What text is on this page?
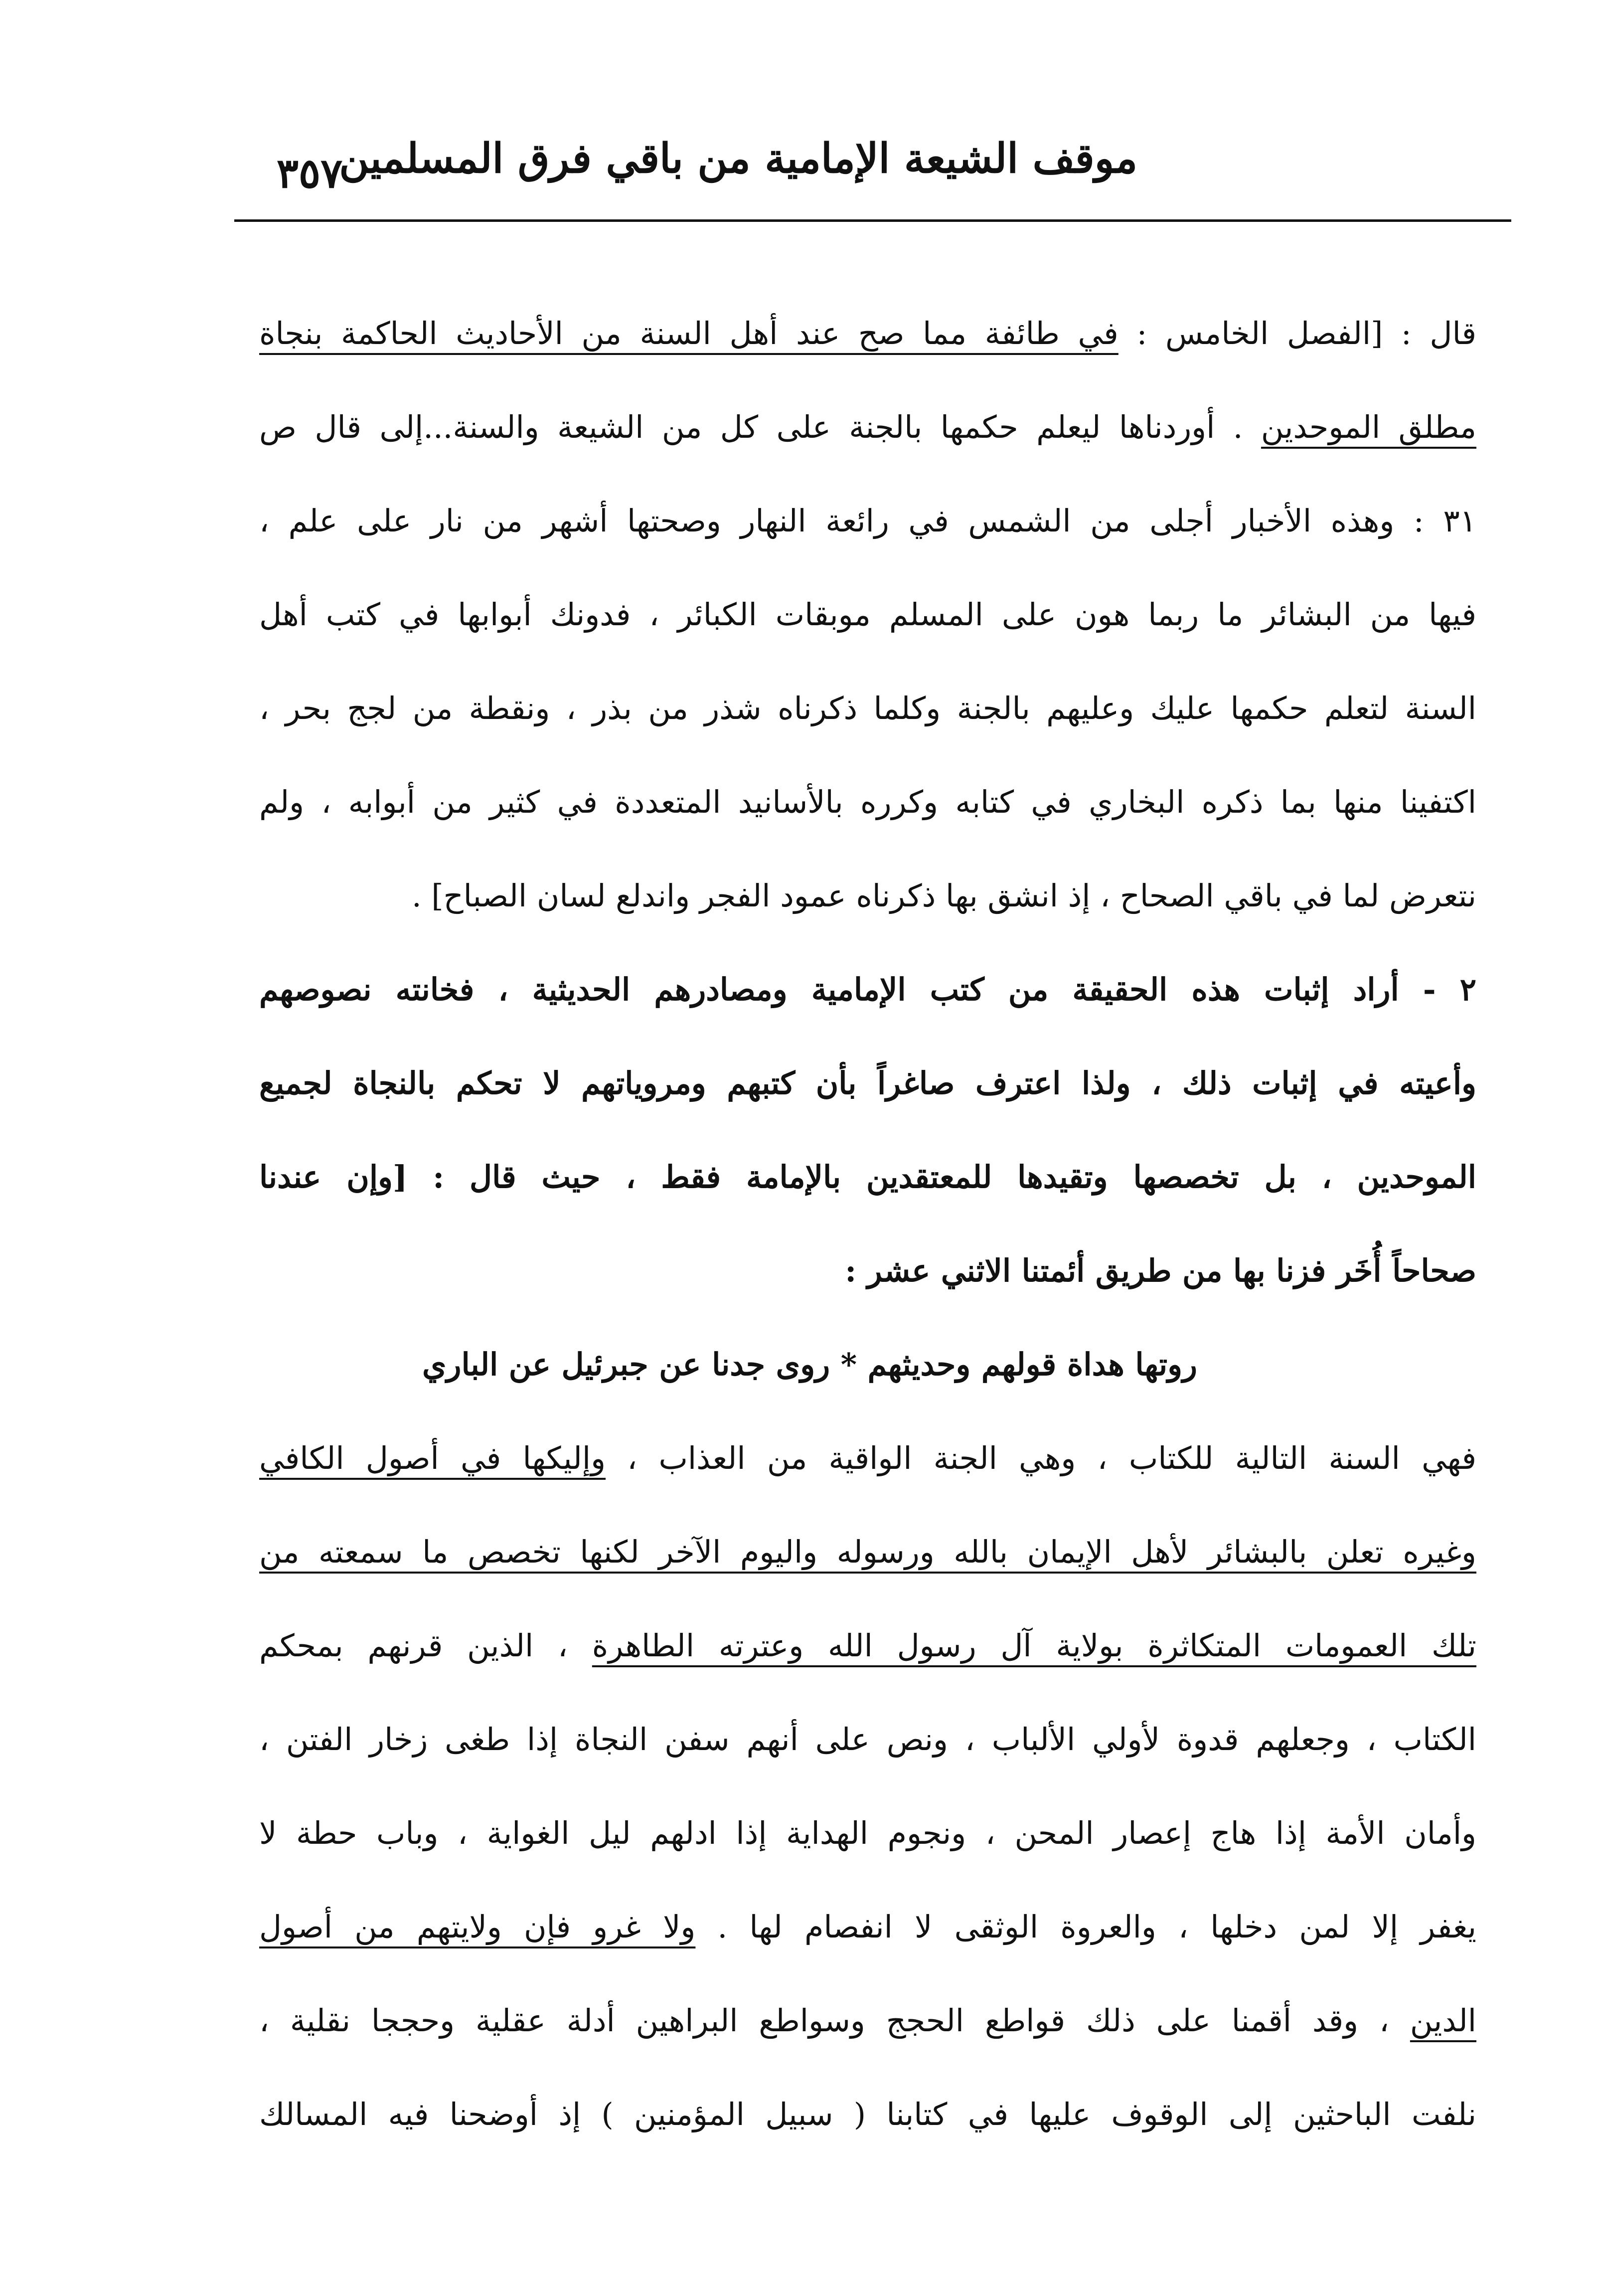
موقف الشيعة الإمامية من باقي فرق المسلمين
٣٥٧
قال : [الفصل الخامس : في طائفة مما صح عند أهل السنة من الأحاديث الحاكمة بنجاة
مطلق الموحدين . أوردناها ليعلم حكمها بالجنة على كل من الشيعة والسنة...إلى قال ص
٣١ : وهذه الأخبار أجلى من الشمس في رائعة النهار وصحتها أشهر من نار على علم ،
فيها من البشائر ما ربما هون على المسلم موبقات الكبائر ، فدونك أبوابها في كتب أهل
السنة لتعلم حكمها عليك وعليهم بالجنة وكلما ذكرناه شذر من بذر ، ونقطة من لجج بحر ،
اكتفينا منها بما ذكره البخاري في كتابه وكرره بالأسانيد المتعددة في كثير من أبوابه ، ولم
نتعرض لما في باقي الصحاح ، إذ انشق بها ذكرناه عمود الفجر واندلع لسان الصباح] .
٢ - أراد إثبات هذه الحقيقة من كتب الإمامية ومصادرهم الحديثية ، فخانته نصوصهم
وأعيته في إثبات ذلك ، ولذا اعترف صاغراً بأن كتبهم ومروياتهم لا تحكم بالنجاة لجميع
الموحدين ، بل تخصصها وتقيدها للمعتقدين بالإمامة فقط ، حيث قال : [وإن عندنا
صحاحاً أُخَر فزنا بها من طريق أئمتنا الاثني عشر :
روتها هداة قولهم وحديثهم * روى جدنا عن جبرئيل عن الباري
فهي السنة التالية للكتاب ، وهي الجنة الواقية من العذاب ، وإليكها في أصول الكافي
وغيره تعلن بالبشائر لأهل الإيمان بالله ورسوله واليوم الآخر لكنها تخصص ما سمعته من
تلك العمومات المتكاثرة بولاية آل رسول الله وعترته الطاهرة ، الذين قرنهم بمحكم
الكتاب ، وجعلهم قدوة لأولي الألباب ، ونص على أنهم سفن النجاة إذا طغى زخار الفتن ،
وأمان الأمة إذا هاج إعصار المحن ، ونجوم الهداية إذا ادلهم ليل الغواية ، وباب حطة لا
يغفر إلا لمن دخلها ، والعروة الوثقى لا انفصام لها . ولا غرو فإن ولايتهم من أصول
الدين ، وقد أقمنا على ذلك قواطع الحجج وسواطع البراهين أدلة عقلية وحججا نقلية ،
نلفت الباحثين إلى الوقوف عليها في كتابنا ( سبيل المؤمنين ) إذ أوضحنا فيه المسالك
